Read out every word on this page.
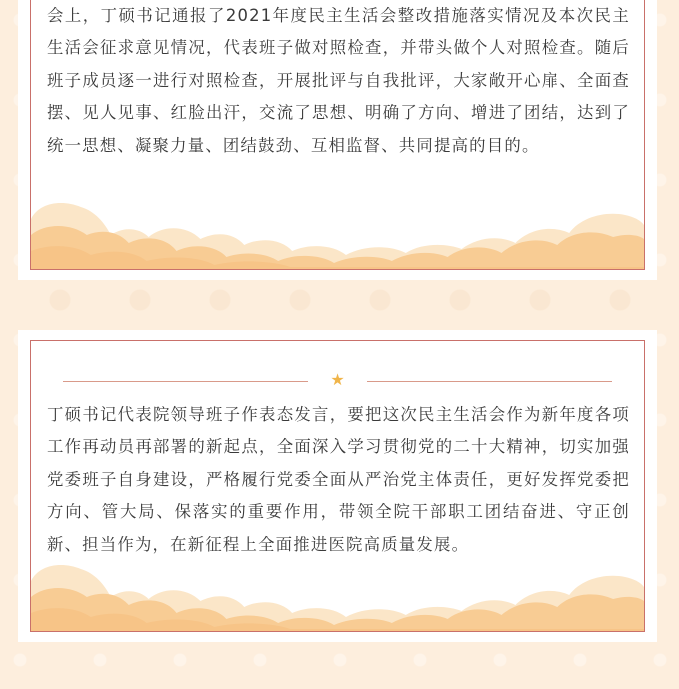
会上，丁硕书记通报了2021年度民主生活会整改措施落实情况及本次民主生活会征求意见情况，代表班子做对照检查，并带头做个人对照检查。随后班子成员逐一进行对照检查，开展批评与自我批评，大家敞开心扉、全面查摆、见人见事、红脸出汗，交流了思想、明确了方向、增进了团结，达到了统一思想、凝聚力量、团结鼓劲、互相监督、共同提高的目的。

★

丁硕书记代表院领导班子作表态发言，要把这次民主生活会作为新年度各项工作再动员再部署的新起点，全面深入学习贯彻党的二十大精神，切实加强党委班子自身建设，严格履行党委全面从严治党主体责任，更好发挥党委把方向、管大局、保落实的重要作用，带领全院干部职工团结奋进、守正创新、担当作为，在新征程上全面推进医院高质量发展。
